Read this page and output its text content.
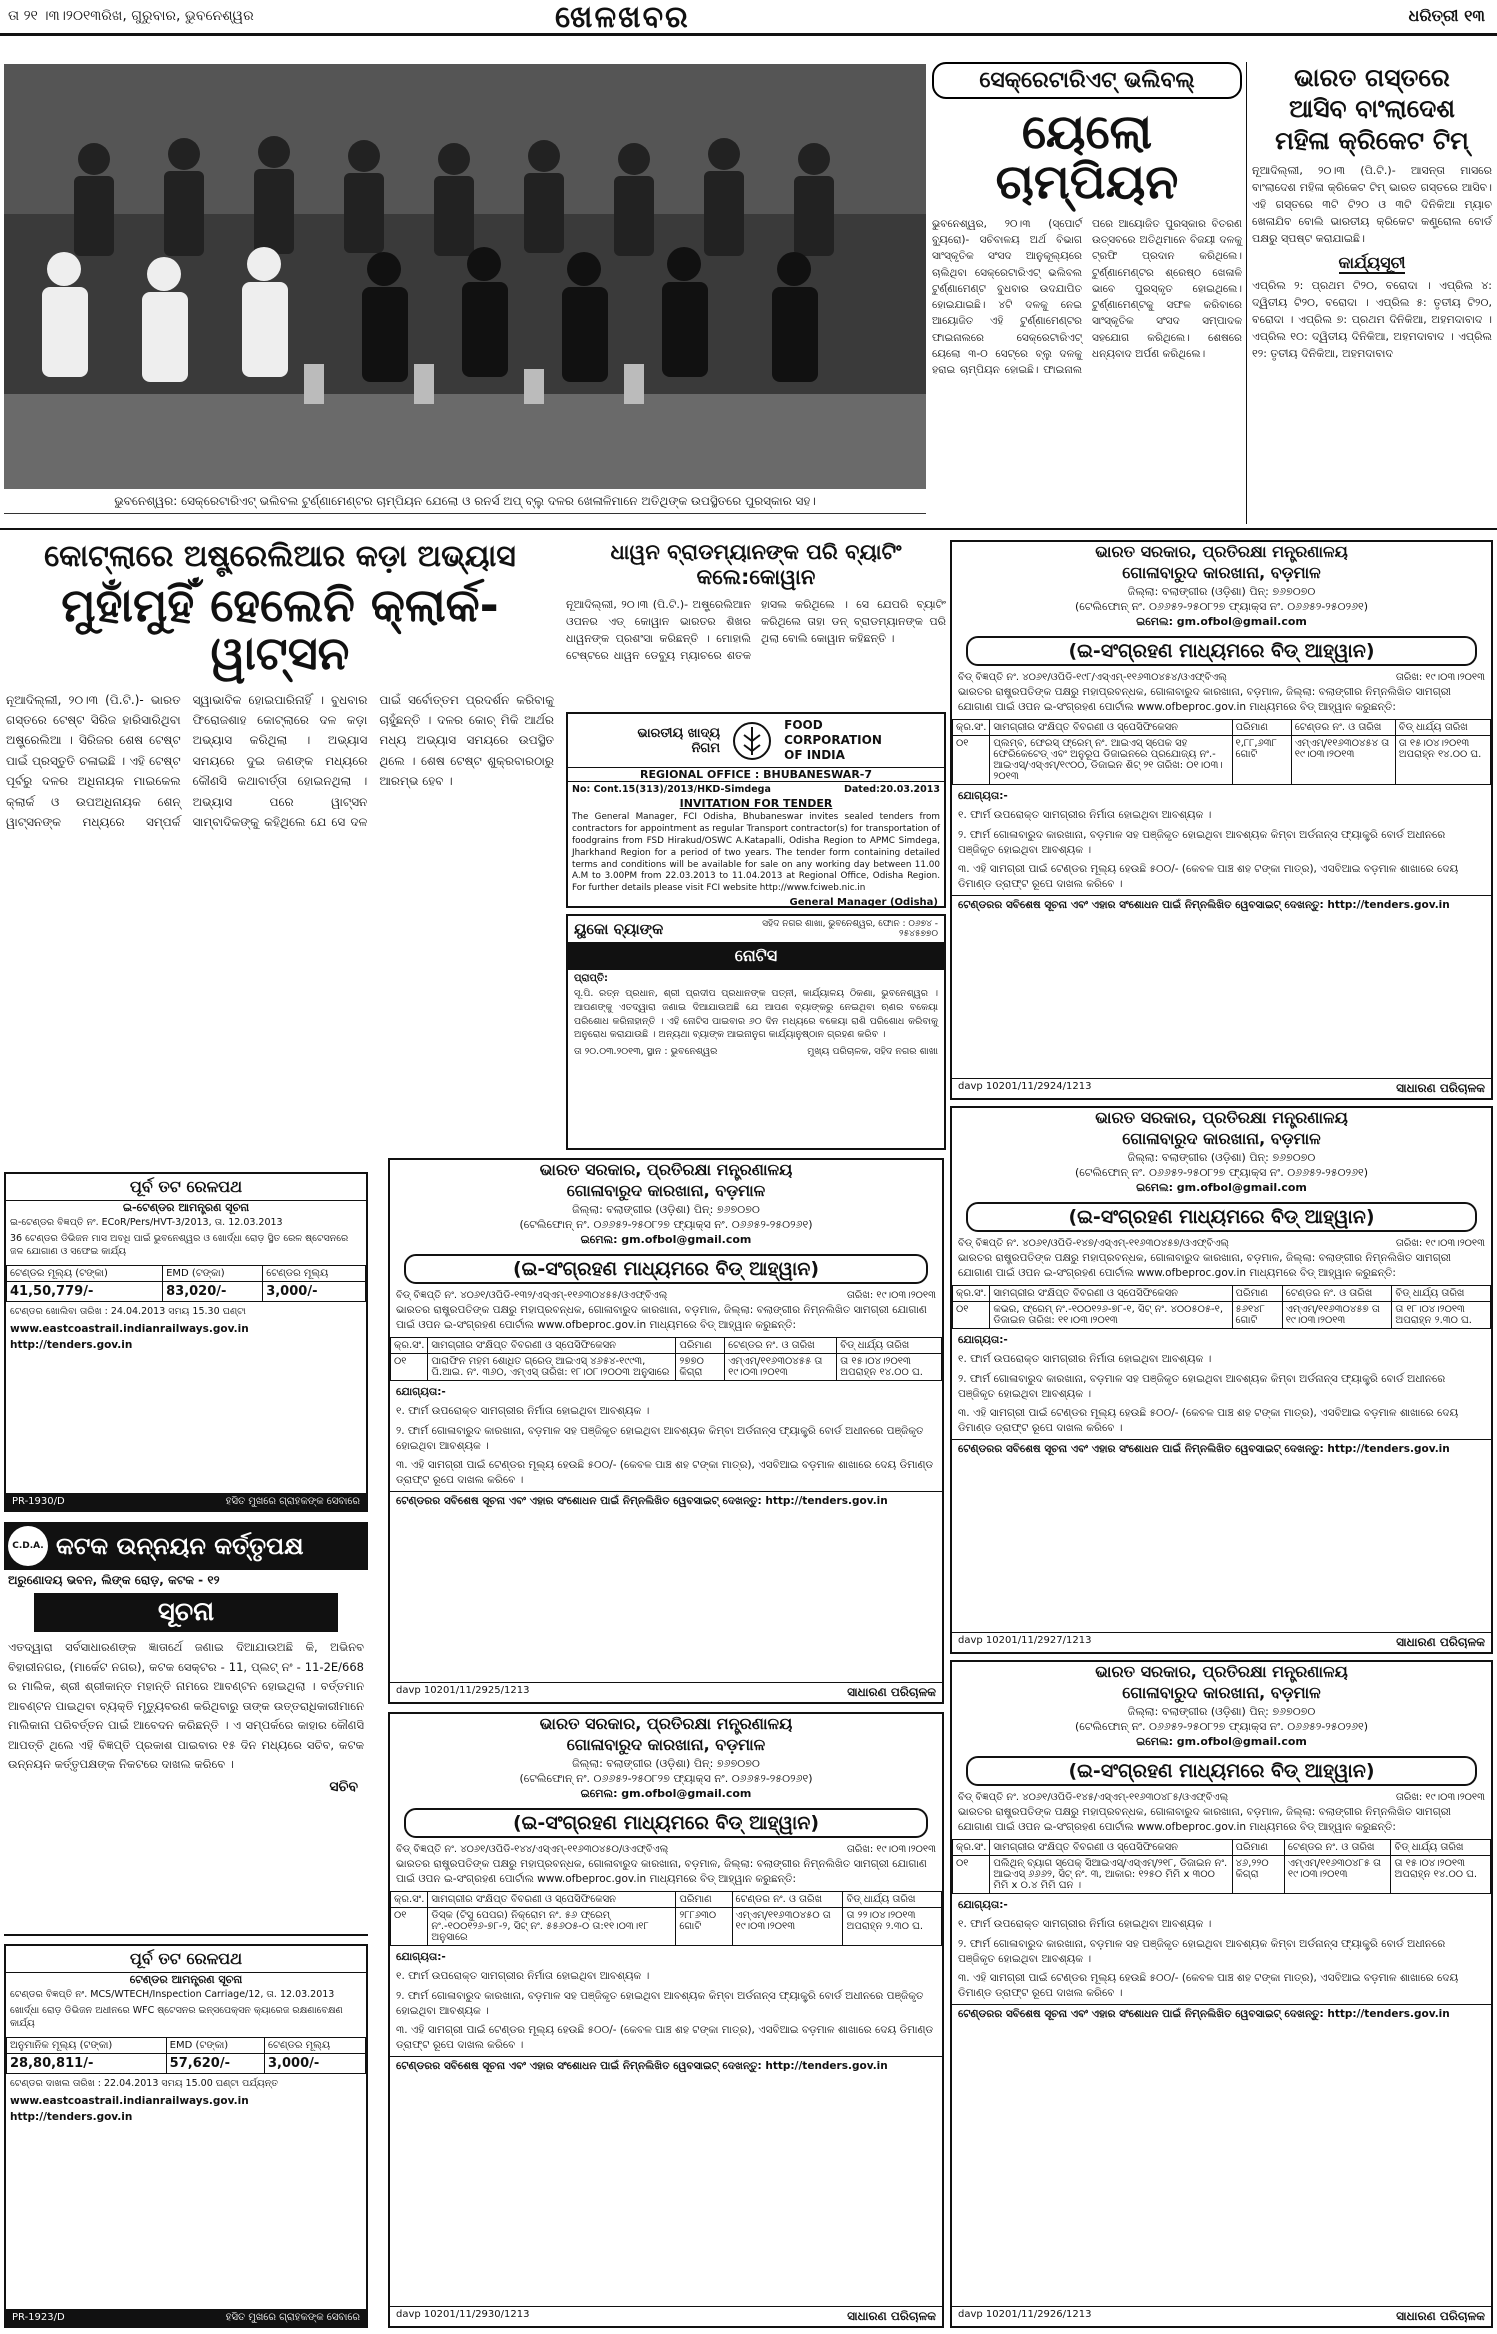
ତା ୨୧ ।୩।୨୦୧୩ରିଖ, ଗୁରୁବାର, ଭୁବନେଶ୍ୱର	ଖେଳଖବର	ଧରିତ୍ରୀ ୧୩
ଭୁବନେଶ୍ୱର: ସେକ୍ରେଟାରିଏଟ୍ ଭଲିବଲ ଟୁର୍ଣ୍ଣାମେଣ୍ଟର ଚାମ୍ପିୟନ ଯେଲୋ ଓ ରନର୍ସ ଅପ୍ ବ୍ଲୁ ଦଳର ଖେଳାଳିମାନେ ଅତିଥିଙ୍କ ଉପସ୍ଥିତରେ ପୁରସ୍କାର ସହ।
ସେକ୍ରେଟାରିଏଟ୍ ଭଲିବଲ୍
ୟେଲୋ ଚାମ୍ପିୟନ
ଭୁବନେଶ୍ୱର, ୨୦।୩ (ସ୍ପୋର୍ଟ ବ୍ୟୁରୋ)- ସଚିବାଳୟ ଅର୍ଥ ବିଭାଗ ସାଂସ୍କୃତିକ ସଂସଦ ଆନୁକୂଲ୍ୟରେ ଚାଲିଥିବା ସେକ୍ରେଟାରିଏଟ୍ ଭଲିବଲ ଟୁର୍ଣ୍ଣାମେଣ୍ଟ ବୁଧବାର ଉଦଯାପିତ ହୋଇଯାଇଛି। ୪ଟି ଦଳକୁ ନେଇ ଆୟୋଜିତ ଏହି ଟୁର୍ଣ୍ଣାମେଣ୍ଟର ଫାଇନାଲରେ ସେକ୍ରେଟାରିଏଟ୍ ୟେଲୋ ୩-୦ ସେଟ୍‌ରେ ବ୍ଲୁ ଦଳକୁ ହରାଇ ଚାମ୍ପିୟନ ହୋଇଛି। ଫାଇନାଲ ପରେ ଆୟୋଜିତ ପୁରସ୍କାର ବିତରଣ ଉତ୍ସବରେ ଅତିଥିମାନେ ବିଜୟୀ ଦଳକୁ ଟ୍ରଫି ପ୍ରଦାନ କରିଥିଲେ। ଟୁର୍ଣ୍ଣାମେଣ୍ଟର ଶ୍ରେଷ୍ଠ ଖେଳାଳି ଭାବେ ପୁରସ୍କୃତ ହୋଇଥିଲେ। ଟୁର୍ଣ୍ଣାମେଣ୍ଟକୁ ସଫଳ କରିବାରେ ସାଂସ୍କୃତିକ ସଂସଦ ସମ୍ପାଦକ ସହଯୋଗ କରିଥିଲେ। ଶେଷରେ ଧନ୍ୟବାଦ ଅର୍ପଣ କରିଥିଲେ।
ଭାରତ ଗସ୍ତରେ
ଆସିବ ବାଂଲାଦେଶ
ମହିଳା କ୍ରିକେଟ ଟିମ୍
ନୂଆଦିଲ୍ଲୀ, ୨୦।୩ (ପି.ଟି.)- ଆସନ୍ତା ମାସରେ ବାଂଲାଦେଶ ମହିଳା କ୍ରିକେଟ ଟିମ୍ ଭାରତ ଗସ୍ତରେ ଆସିବ। ଏହି ଗସ୍ତରେ ୩ଟି ଟି୨୦ ଓ ୩ଟି ଦିନିକିଆ ମ୍ୟାଚ ଖେଳାଯିବ ବୋଲି ଭାରତୀୟ କ୍ରିକେଟ କଣ୍ଟ୍ରୋଲ ବୋର୍ଡ ପକ୍ଷରୁ ସ୍ପଷ୍ଟ କରାଯାଇଛି।
କାର୍ଯ୍ୟସୂଚୀ
ଏପ୍ରିଲ ୨: ପ୍ରଥମ ଟି୨୦, ବରୋଦା । ଏପ୍ରିଲ ୪: ଦ୍ୱିତୀୟ ଟି୨୦, ବରୋଦା । ଏପ୍ରିଲ ୫: ତୃତୀୟ ଟି୨୦, ବରୋଦା । ଏପ୍ରିଲ ୭: ପ୍ରଥମ ଦିନିକିଆ, ଅହମଦାବାଦ । ଏପ୍ରିଲ ୧୦: ଦ୍ୱିତୀୟ ଦିନିକିଆ, ଅହମଦାବାଦ । ଏପ୍ରିଲ ୧୨: ତୃତୀୟ ଦିନିକିଆ, ଅହମଦାବାଦ
କୋଟ୍‌ଲାରେ ଅଷ୍ଟ୍ରେଲିଆର କଡ଼ା ଅଭ୍ୟାସ
ମୁହାଁମୁହିଁ ହେଲେନି କ୍ଲାର୍କ-ୱାଟ୍‌ସନ
ନୂଆଦିଲ୍ଲୀ, ୨୦।୩ (ପି.ଟି.)- ଭାରତ ଗସ୍ତରେ ଟେଷ୍ଟ ସିରିଜ ହାରିସାରିଥିବା ଅଷ୍ଟ୍ରେଲିଆ । ସିରିଜର ଶେଷ ଟେଷ୍ଟ ପାଇଁ ପ୍ରସ୍ତୁତି ଚଳାଇଛି । ଏହି ଟେଷ୍ଟ ପୂର୍ବରୁ ଦଳର ଅଧିନାୟକ ମାଇକେଲ କ୍ଲାର୍କ ଓ ଉପଅଧିନାୟକ ଶେନ୍ ୱାଟ୍‌ସନଙ୍କ ମଧ୍ୟରେ ସମ୍ପର୍କ ସ୍ୱାଭାବିକ ହୋଇପାରିନାହିଁ । ବୁଧବାର ଫିରୋଜଶାହ କୋଟ୍‌ଲାରେ ଦଳ କଡ଼ା ଅଭ୍ୟାସ କରିଥିଲା । ଅଭ୍ୟାସ ସମୟରେ ଦୁଇ ଜଣଙ୍କ ମଧ୍ୟରେ କୌଣସି କଥାବାର୍ତ୍ତା ହୋଇନଥିଲା । ଅଭ୍ୟାସ ପରେ ୱାଟ୍‌ସନ ସାମ୍ବାଦିକଙ୍କୁ କହିଥିଲେ ଯେ ସେ ଦଳ ପାଇଁ ସର୍ବୋତ୍ତମ ପ୍ରଦର୍ଶନ କରିବାକୁ ଚାହୁଁଛନ୍ତି । ଦଳର କୋଚ୍ ମିକି ଆର୍ଥର ମଧ୍ୟ ଅଭ୍ୟାସ ସମୟରେ ଉପସ୍ଥିତ ଥିଲେ । ଶେଷ ଟେଷ୍ଟ ଶୁକ୍ରବାରଠାରୁ ଆରମ୍ଭ ହେବ ।
ଧାୱନ ବ୍ରାଡମ୍ୟାନଙ୍କ ପରି ବ୍ୟାଟିଂ କଲେ:କୋୱାନ
ନୂଆଦିଲ୍ଲୀ, ୨୦।୩ (ପି.ଟି.)- ଅଷ୍ଟ୍ରେଲିଆନ ଓପନର ଏଡ୍ କୋୱାନ ଭାରତର ଶିଖର ଧାୱନଙ୍କ ପ୍ରଶଂସା କରିଛନ୍ତି । ମୋହାଲି ଟେଷ୍ଟରେ ଧାୱନ ଡେବ୍ୟୁ ମ୍ୟାଚରେ ଶତକ ହାସଲ କରିଥିଲେ । ସେ ଯେପରି ବ୍ୟାଟିଂ କରିଥିଲେ ତାହା ଡନ୍ ବ୍ରାଡମ୍ୟାନଙ୍କ ପରି ଥିଲା ବୋଲି କୋୱାନ କହିଛନ୍ତି ।
ଭାରତୀୟ ଖାଦ୍ୟ ନିଗମ
FOOD
CORPORATION
OF INDIA
REGIONAL OFFICE : BHUBANESWAR-7
No: Cont.15(313)/2013/HKD-Simdega	Dated:20.03.2013
INVITATION FOR TENDER
The General Manager, FCI Odisha, Bhubaneswar invites sealed tenders from contractors for appointment as regular Transport contractor(s) for transportation of foodgrains from FSD Hirakud/OSWC A.Katapalli, Odisha Region to APMC Simdega, Jharkhand Region for a period of two years. The tender form containing detailed terms and conditions will be available for sale on any working day between 11.00 A.M to 3.00PM from 22.03.2013 to 11.04.2013 at Regional Office, Odisha Region. For further details please visit FCI website http://www.fciweb.nic.in
General Manager (Odisha)
ୟୁକୋ ବ୍ୟାଙ୍କ	ସହିଦ ନଗର ଶାଖା, ଭୁବନେଶ୍ୱର, ଫୋନ : ୦୬୭୪ - ୨୫୪୫୭୭୦
ନୋଟିସ
ପ୍ରାପ୍ତି:
ସୂ.ପି. ରତ୍ନ ପ୍ରଧାନ, ଶ୍ରୀ ପ୍ରଦୀପ ପ୍ରଧାନଙ୍କ ପତ୍ନୀ, କାର୍ଯ୍ୟାଳୟ ଠିକଣା, ଭୁବନେଶ୍ୱର । ଆପଣଙ୍କୁ ଏତଦ୍ୱାରା ଜଣାଇ ଦିଆଯାଉଅଛି ଯେ ଆପଣ ବ୍ୟାଙ୍କରୁ ନେଇଥିବା ଋଣର ବକେୟା ପରିଶୋଧ କରିନାହାନ୍ତି । ଏହି ନୋଟିସ ପାଇବାର ୬୦ ଦିନ ମଧ୍ୟରେ ବକେୟା ରାଶି ପରିଶୋଧ କରିବାକୁ ଅନୁରୋଧ କରାଯାଉଛି । ଅନ୍ୟଥା ବ୍ୟାଙ୍କ ଆଇନାନୁଗ କାର୍ଯ୍ୟାନୁଷ୍ଠାନ ଗ୍ରହଣ କରିବ ।
ତା ୨୦.୦୩.୨୦୧୩, ସ୍ଥାନ : ଭୁବନେଶ୍ୱର	ମୁଖ୍ୟ ପରିଚାଳକ, ସହିଦ ନଗର ଶାଖା
ପୂର୍ବ ତଟ ରେଳପଥ
ଇ-ଟେଣ୍ଡର ଆମନ୍ତ୍ରଣ ସୂଚନା
ଇ-ଟେଣ୍ଡର ବିଜ୍ଞପ୍ତି ନଂ. ECoR/Pers/HVT-3/2013, ତା. 12.03.2013
36 ଟେଣ୍ଡର ଡିଭିଜନ ମାସ ଅବଧି ପାଇଁ ଭୁବନେଶ୍ୱର ଓ ଖୋର୍ଦ୍ଧା ରୋଡ଼ ସ୍ଥିତ ରେଳ ଷ୍ଟେସନରେ ଜଳ ଯୋଗାଣ ଓ ସଫେଇ କାର୍ଯ୍ୟ
ଟେଣ୍ଡର ମୂଲ୍ୟ (ଟଙ୍କା)	EMD (ଟଙ୍କା)	ଟେଣ୍ଡର ମୂଲ୍ୟ
41,50,779/-	83,020/-	3,000/-
ଟେଣ୍ଡର ଖୋଲିବା ତାରିଖ : 24.04.2013 ସମୟ 15.30 ଘଣ୍ଟା
www.eastcoastrail.indianrailways.gov.in
http://tenders.gov.in
PR-1930/D	ହସିତ ମୁଖରେ ଗ୍ରାହକଙ୍କ ସେବାରେ
C.D.A. କଟକ ଉନ୍ନୟନ କର୍ତ୍ତୃପକ୍ଷ
ଅରୁଣୋଦୟ ଭବନ, ଲିଙ୍କ ରୋଡ଼, କଟକ - ୧୨
ସୂଚନା
ଏତଦ୍ୱାରା ସର୍ବସାଧାରଣଙ୍କ ଜ୍ଞାତାର୍ଥେ ଜଣାଇ ଦିଆଯାଉଅଛି କି, ଅଭିନବ ବିହାରୀନଗର, (ମାର୍କେଟ ନଗର), କଟକ ସେକ୍ଟର - 11, ପ୍ଲଟ୍ ନଂ - 11-2E/668 ର ମାଲିକ, ଶ୍ରୀ ଶ୍ରୀକାନ୍ତ ମହାନ୍ତି ନାମରେ ଆବଣ୍ଟନ ହୋଇଥିଲା । ବର୍ତ୍ତମାନ ଆବଣ୍ଟନ ପାଇଥିବା ବ୍ୟକ୍ତି ମୃତ୍ୟୁବରଣ କରିଥିବାରୁ ତାଙ୍କ ଉତ୍ତରାଧିକାରୀମାନେ ମାଲିକାନା ପରିବର୍ତ୍ତନ ପାଇଁ ଆବେଦନ କରିଛନ୍ତି । ଏ ସମ୍ପର୍କରେ କାହାର କୌଣସି ଆପତ୍ତି ଥିଲେ ଏହି ବିଜ୍ଞପ୍ତି ପ୍ରକାଶ ପାଇବାର ୧୫ ଦିନ ମଧ୍ୟରେ ସଚିବ, କଟକ ଉନ୍ନୟନ କର୍ତ୍ତୃପକ୍ଷଙ୍କ ନିକଟରେ ଦାଖଲ କରିବେ ।
ସଚିବ
ପୂର୍ବ ତଟ ରେଳପଥ
ଟେଣ୍ଡର ଆମନ୍ତ୍ରଣ ସୂଚନା
ଟେଣ୍ଡର ବିଜ୍ଞପ୍ତି ନଂ. MCS/WTECH/Inspection Carriage/12, ତା. 12.03.2013
ଖୋର୍ଦ୍ଧା ରୋଡ଼ ଡିଭିଜନ ଅଧୀନରେ WFC ଷ୍ଟେସନର ଇନ୍‌ସପେକ୍ସନ କ୍ୟାରେଜ ରକ୍ଷଣାବେକ୍ଷଣ କାର୍ଯ୍ୟ
ଅନୁମାନିକ ମୂଲ୍ୟ (ଟଙ୍କା)	EMD (ଟଙ୍କା)	ଟେଣ୍ଡର ମୂଲ୍ୟ
28,80,811/-	57,620/-	3,000/-
ଟେଣ୍ଡର ଦାଖଲ ତାରିଖ : 22.04.2013 ସମୟ 15.00 ଘଣ୍ଟା ପର୍ଯ୍ୟନ୍ତ
www.eastcoastrail.indianrailways.gov.in
http://tenders.gov.in
PR-1923/D	ହସିତ ମୁଖରେ ଗ୍ରାହକଙ୍କ ସେବାରେ
ଭାରତ ସରକାର, ପ୍ରତିରକ୍ଷା ମନ୍ତ୍ରଣାଳୟ
ଗୋଳାବାରୁଦ କାରଖାନା, ବଡ଼ମାଳ
ଜିଲ୍ଲା: ବଲାଙ୍ଗୀର (ଓଡ଼ିଶା) ପିନ୍: ୭୬୭୦୭୦
(ଟେଲିଫୋନ୍ ନଂ. ୦୬୬୫୨-୨୫୦୮୨୭ ଫ୍ୟାକ୍ସ ନଂ. ୦୬୬୫୨-୨୫୦୨୬୧)
ଇମେଲ: gm.ofbol@gmail.com
(ଇ-ସଂଗ୍ରହଣ ମାଧ୍ୟମରେ ବିଡ୍ ଆହ୍ୱାନ)
ବିଡ୍ ବିଜ୍ଞପ୍ତି ନଂ. ୪୦୬୧/ଓପିଡି-୧୯୮/ଏସ୍‌ଏମ୍-୧୧୬୩୦୪୫୪/ଓଏଫ୍‌ବିଏଲ୍	ତାରିଖ: ୧୯।୦୩।୨୦୧୩
ଭାରତର ରାଷ୍ଟ୍ରପତିଙ୍କ ପକ୍ଷରୁ ମହାପ୍ରବନ୍ଧକ, ଗୋଳାବାରୁଦ କାରଖାନା, ବଡ଼ମାଳ, ଜିଲ୍ଲା: ବଲାଙ୍ଗୀର ନିମ୍ନଲିଖିତ ସାମଗ୍ରୀ ଯୋଗାଣ ପାଇଁ ଓପନ ଇ-ସଂଗ୍ରହଣ ପୋର୍ଟାଲ www.ofbeproc.gov.in ମାଧ୍ୟମରେ ବିଡ୍ ଆହ୍ୱାନ କରୁଛନ୍ତି:
କ୍ର.ସଂ.	ସାମଗ୍ରୀର ସଂକ୍ଷିପ୍ତ ବିବରଣୀ ଓ ସ୍ପେସିଫିକେସନ	ପରିମାଣ	ଟେଣ୍ଡର ନଂ. ଓ ତାରିଖ	ବିଡ୍ ଧାର୍ଯ୍ୟ ତାରିଖ
୦୧	ପ୍ଲମ୍ବ, ଫେରସ୍ ଫ୍ରେମ୍ ନଂ. ଆଇଏସ୍ ସ୍ପେକ ସହ ଫେରିକେଟେଡ୍ ଏବଂ ଅନୁରୂପ ଡିଜାଇନରେ ପ୍ରଯୋଜ୍ୟ ନଂ.-ଆଇଏସ୍/ଏସ୍‌ଏମ୍/୧୯୦୦, ଡିଜାଇନ ଶିଟ୍ ୨୧ ତାରିଖ: ୦୧।୦୩।୨୦୧୩	୧,୮୮,୬୩୮ ଗୋଟି	ଏମ୍‌ଏମ୍/୧୧୬୩୦୪୫୪ ତା ୧୯।୦୩।୨୦୧୩	ତା ୧୫।୦୪।୨୦୧୩ ଅପରାହ୍ନ ୧୪.୦୦ ଘ.
ଯୋଗ୍ୟତା:-
୧. ଫାର୍ମ ଉପରୋକ୍ତ ସାମଗ୍ରୀର ନିର୍ମାତା ହୋଇଥିବା ଆବଶ୍ୟକ ।
୨. ଫାର୍ମ ଗୋଳାବାରୁଦ କାରଖାନା, ବଡ଼ମାଳ ସହ ପଞ୍ଜିକୃତ ହୋଇଥିବା ଆବଶ୍ୟକ କିମ୍ବା ଅର୍ଡନାନ୍ସ ଫ୍ୟାକ୍ଟ୍ରି ବୋର୍ଡ ଅଧୀନରେ ପଞ୍ଜିକୃତ ହୋଇଥିବା ଆବଶ୍ୟକ ।
୩. ଏହି ସାମଗ୍ରୀ ପାଇଁ ଟେଣ୍ଡର ମୂଲ୍ୟ ହେଉଛି ୫୦୦/- (କେବଳ ପାଞ୍ଚ ଶହ ଟଙ୍କା ମାତ୍ର), ଏସବିଆଇ ବଡ଼ମାଳ ଶାଖାରେ ଦେୟ ଡିମାଣ୍ଡ ଡ୍ରାଫ୍ଟ ରୂପେ ଦାଖଲ କରିବେ ।
ଟେଣ୍ଡରର ସବିଶେଷ ସୂଚନା ଏବଂ ଏହାର ସଂଶୋଧନ ପାଇଁ ନିମ୍ନଲିଖିତ ୱେବସାଇଟ୍ ଦେଖନ୍ତୁ: http://tenders.gov.in
davp 10201/11/2924/1213	ସାଧାରଣ ପରିଚାଳକ
ଭାରତ ସରକାର, ପ୍ରତିରକ୍ଷା ମନ୍ତ୍ରଣାଳୟ
ଗୋଳାବାରୁଦ କାରଖାନା, ବଡ଼ମାଳ
ଜିଲ୍ଲା: ବଲାଙ୍ଗୀର (ଓଡ଼ିଶା) ପିନ୍: ୭୬୭୦୭୦
(ଟେଲିଫୋନ୍ ନଂ. ୦୬୬୫୨-୨୫୦୮୨୭ ଫ୍ୟାକ୍ସ ନଂ. ୦୬୬୫୨-୨୫୦୨୬୧)
ଇମେଲ: gm.ofbol@gmail.com
(ଇ-ସଂଗ୍ରହଣ ମାଧ୍ୟମରେ ବିଡ୍ ଆହ୍ୱାନ)
ବିଡ୍ ବିଜ୍ଞପ୍ତି ନଂ. ୪୦୬୧/ଓପିଡି-୧୪୭/ଏସ୍‌ଏମ୍-୧୧୬୩୦୪୫୭/ଓଏଫ୍‌ବିଏଲ୍	ତାରିଖ: ୧୯।୦୩।୨୦୧୩
ଭାରତର ରାଷ୍ଟ୍ରପତିଙ୍କ ପକ୍ଷରୁ ମହାପ୍ରବନ୍ଧକ, ଗୋଳାବାରୁଦ କାରଖାନା, ବଡ଼ମାଳ, ଜିଲ୍ଲା: ବଲାଙ୍ଗୀର ନିମ୍ନଲିଖିତ ସାମଗ୍ରୀ ଯୋଗାଣ ପାଇଁ ଓପନ ଇ-ସଂଗ୍ରହଣ ପୋର୍ଟାଲ www.ofbeproc.gov.in ମାଧ୍ୟମରେ ବିଡ୍ ଆହ୍ୱାନ କରୁଛନ୍ତି:
କ୍ର.ସଂ.	ସାମଗ୍ରୀର ସଂକ୍ଷିପ୍ତ ବିବରଣୀ ଓ ସ୍ପେସିଫିକେସନ	ପରିମାଣ	ଟେଣ୍ଡର ନଂ. ଓ ତାରିଖ	ବିଡ୍ ଧାର୍ଯ୍ୟ ତାରିଖ
୦୧	କଭର, ଫ୍ରେମ୍ ନଂ.-୧୦୦୧୨୬-୭୮-୧, ସିଟ୍ ନଂ. ୪୦୦୫୦୫-୧, ଡିଜାଇନ ତାରିଖ: ୧୧।୦୩।୨୦୧୩	୫୬୧୪୮ ଗୋଟି	ଏମ୍‌ଏମ୍/୧୧୬୩୦୪୫୭ ତା ୧୯।୦୩।୨୦୧୩	ତା ୧୮।୦୪।୨୦୧୩ ଅପରାହ୍ନ ୨.୩୦ ଘ.
ଯୋଗ୍ୟତା:-
୧. ଫାର୍ମ ଉପରୋକ୍ତ ସାମଗ୍ରୀର ନିର୍ମାତା ହୋଇଥିବା ଆବଶ୍ୟକ ।
୨. ଫାର୍ମ ଗୋଳାବାରୁଦ କାରଖାନା, ବଡ଼ମାଳ ସହ ପଞ୍ଜିକୃତ ହୋଇଥିବା ଆବଶ୍ୟକ କିମ୍ବା ଅର୍ଡନାନ୍ସ ଫ୍ୟାକ୍ଟ୍ରି ବୋର୍ଡ ଅଧୀନରେ ପଞ୍ଜିକୃତ ହୋଇଥିବା ଆବଶ୍ୟକ ।
୩. ଏହି ସାମଗ୍ରୀ ପାଇଁ ଟେଣ୍ଡର ମୂଲ୍ୟ ହେଉଛି ୫୦୦/- (କେବଳ ପାଞ୍ଚ ଶହ ଟଙ୍କା ମାତ୍ର), ଏସବିଆଇ ବଡ଼ମାଳ ଶାଖାରେ ଦେୟ ଡିମାଣ୍ଡ ଡ୍ରାଫ୍ଟ ରୂପେ ଦାଖଲ କରିବେ ।
ଟେଣ୍ଡରର ସବିଶେଷ ସୂଚନା ଏବଂ ଏହାର ସଂଶୋଧନ ପାଇଁ ନିମ୍ନଲିଖିତ ୱେବସାଇଟ୍ ଦେଖନ୍ତୁ: http://tenders.gov.in
davp 10201/11/2927/1213	ସାଧାରଣ ପରିଚାଳକ
ଭାରତ ସରକାର, ପ୍ରତିରକ୍ଷା ମନ୍ତ୍ରଣାଳୟ
ଗୋଳାବାରୁଦ କାରଖାନା, ବଡ଼ମାଳ
ଜିଲ୍ଲା: ବଲାଙ୍ଗୀର (ଓଡ଼ିଶା) ପିନ୍: ୭୬୭୦୭୦
(ଟେଲିଫୋନ୍ ନଂ. ୦୬୬୫୨-୨୫୦୮୨୭ ଫ୍ୟାକ୍ସ ନଂ. ୦୬୬୫୨-୨୫୦୨୬୧)
ଇମେଲ: gm.ofbol@gmail.com
(ଇ-ସଂଗ୍ରହଣ ମାଧ୍ୟମରେ ବିଡ୍ ଆହ୍ୱାନ)
ବିଡ୍ ବିଜ୍ଞପ୍ତି ନଂ. ୪୦୬୧/ଓପିଡି-୧୩୨/ଏସ୍‌ଏମ୍-୧୧୬୩୦୪୫୫/ଓଏଫ୍‌ବିଏଲ୍	ତାରିଖ: ୧୯।୦୩।୨୦୧୩
ଭାରତର ରାଷ୍ଟ୍ରପତିଙ୍କ ପକ୍ଷରୁ ମହାପ୍ରବନ୍ଧକ, ଗୋଳାବାରୁଦ କାରଖାନା, ବଡ଼ମାଳ, ଜିଲ୍ଲା: ବଲାଙ୍ଗୀର ନିମ୍ନଲିଖିତ ସାମଗ୍ରୀ ଯୋଗାଣ ପାଇଁ ଓପନ ଇ-ସଂଗ୍ରହଣ ପୋର୍ଟାଲ www.ofbeproc.gov.in ମାଧ୍ୟମରେ ବିଡ୍ ଆହ୍ୱାନ କରୁଛନ୍ତି:
କ୍ର.ସଂ.	ସାମଗ୍ରୀର ସଂକ୍ଷିପ୍ତ ବିବରଣୀ ଓ ସ୍ପେସିଫିକେସନ	ପରିମାଣ	ଟେଣ୍ଡର ନଂ. ଓ ତାରିଖ	ବିଡ୍ ଧାର୍ଯ୍ୟ ତାରିଖ
୦୧	ପାରାଫିନ ମହମ ଶୋଧିତ ଗ୍ରେଡ୍ ଆଇଏସ୍ ୪୬୫୪-୧୯୯୩, ପି.ଆଇ. ନଂ. ୩୬୦, ଏମ୍‌ଏସ୍ ତାରିଖ: ୧୮।୦୮।୨୦୦୩ ଅନୁସାରେ	୨୭୭୦ କିଗ୍ରା	ଏମ୍‌ଏମ୍/୧୧୬୩୦୪୫୫ ତା ୧୯।୦୩।୨୦୧୩	ତା ୧୫।୦୪।୨୦୧୩ ଅପରାହ୍ନ ୧୪.୦୦ ଘ.
ଯୋଗ୍ୟତା:-
୧. ଫାର୍ମ ଉପରୋକ୍ତ ସାମଗ୍ରୀର ନିର୍ମାତା ହୋଇଥିବା ଆବଶ୍ୟକ ।
୨. ଫାର୍ମ ଗୋଳାବାରୁଦ କାରଖାନା, ବଡ଼ମାଳ ସହ ପଞ୍ଜିକୃତ ହୋଇଥିବା ଆବଶ୍ୟକ କିମ୍ବା ଅର୍ଡନାନ୍ସ ଫ୍ୟାକ୍ଟ୍ରି ବୋର୍ଡ ଅଧୀନରେ ପଞ୍ଜିକୃତ ହୋଇଥିବା ଆବଶ୍ୟକ ।
୩. ଏହି ସାମଗ୍ରୀ ପାଇଁ ଟେଣ୍ଡର ମୂଲ୍ୟ ହେଉଛି ୫୦୦/- (କେବଳ ପାଞ୍ଚ ଶହ ଟଙ୍କା ମାତ୍ର), ଏସବିଆଇ ବଡ଼ମାଳ ଶାଖାରେ ଦେୟ ଡିମାଣ୍ଡ ଡ୍ରାଫ୍ଟ ରୂପେ ଦାଖଲ କରିବେ ।
ଟେଣ୍ଡରର ସବିଶେଷ ସୂଚନା ଏବଂ ଏହାର ସଂଶୋଧନ ପାଇଁ ନିମ୍ନଲିଖିତ ୱେବସାଇଟ୍ ଦେଖନ୍ତୁ: http://tenders.gov.in
davp 10201/11/2925/1213	ସାଧାରଣ ପରିଚାଳକ
ଭାରତ ସରକାର, ପ୍ରତିରକ୍ଷା ମନ୍ତ୍ରଣାଳୟ
ଗୋଳାବାରୁଦ କାରଖାନା, ବଡ଼ମାଳ
ଜିଲ୍ଲା: ବଲାଙ୍ଗୀର (ଓଡ଼ିଶା) ପିନ୍: ୭୬୭୦୭୦
(ଟେଲିଫୋନ୍ ନଂ. ୦୬୬୫୨-୨୫୦୮୨୭ ଫ୍ୟାକ୍ସ ନଂ. ୦୬୬୫୨-୨୫୦୨୬୧)
ଇମେଲ: gm.ofbol@gmail.com
(ଇ-ସଂଗ୍ରହଣ ମାଧ୍ୟମରେ ବିଡ୍ ଆହ୍ୱାନ)
ବିଡ୍ ବିଜ୍ଞପ୍ତି ନଂ. ୪୦୬୧/ଓପିଡି-୧୪୪/ଏସ୍‌ଏମ୍-୧୧୬୩୦୪୫୦/ଓଏଫ୍‌ବିଏଲ୍	ତାରିଖ: ୧୯।୦୩।୨୦୧୩
ଭାରତର ରାଷ୍ଟ୍ରପତିଙ୍କ ପକ୍ଷରୁ ମହାପ୍ରବନ୍ଧକ, ଗୋଳାବାରୁଦ କାରଖାନା, ବଡ଼ମାଳ, ଜିଲ୍ଲା: ବଲାଙ୍ଗୀର ନିମ୍ନଲିଖିତ ସାମଗ୍ରୀ ଯୋଗାଣ ପାଇଁ ଓପନ ଇ-ସଂଗ୍ରହଣ ପୋର୍ଟାଲ www.ofbeproc.gov.in ମାଧ୍ୟମରେ ବିଡ୍ ଆହ୍ୱାନ କରୁଛନ୍ତି:
କ୍ର.ସଂ.	ସାମଗ୍ରୀର ସଂକ୍ଷିପ୍ତ ବିବରଣୀ ଓ ସ୍ପେସିଫିକେସନ	ପରିମାଣ	ଟେଣ୍ଡର ନଂ. ଓ ତାରିଖ	ବିଡ୍ ଧାର୍ଯ୍ୟ ତାରିଖ
୦୧	ଡିସ୍କ (ଟିସୁ ପେପର) ନିକ୍ରୋମ ନଂ. ୫୬ ଫ୍ରେମ୍ ନଂ.-୧୦୦୧୨୬-୭୮-୨, ସିଟ୍ ନଂ. ୫୫୬୦୫-୦ ତା:୧୧।୦୩।୧୮ ଅନୁସାରେ	୨୮୮୬୩୦ ଗୋଟି	ଏମ୍‌ଏମ୍/୧୧୬୩୦୪୫୦ ତା ୧୯।୦୩।୨୦୧୩	ତା ୨୨।୦୪।୨୦୧୩ ଅପରାହ୍ନ ୨.୩୦ ଘ.
ଯୋଗ୍ୟତା:-
୧. ଫାର୍ମ ଉପରୋକ୍ତ ସାମଗ୍ରୀର ନିର୍ମାତା ହୋଇଥିବା ଆବଶ୍ୟକ ।
୨. ଫାର୍ମ ଗୋଳାବାରୁଦ କାରଖାନା, ବଡ଼ମାଳ ସହ ପଞ୍ଜିକୃତ ହୋଇଥିବା ଆବଶ୍ୟକ କିମ୍ବା ଅର୍ଡନାନ୍ସ ଫ୍ୟାକ୍ଟ୍ରି ବୋର୍ଡ ଅଧୀନରେ ପଞ୍ଜିକୃତ ହୋଇଥିବା ଆବଶ୍ୟକ ।
୩. ଏହି ସାମଗ୍ରୀ ପାଇଁ ଟେଣ୍ଡର ମୂଲ୍ୟ ହେଉଛି ୫୦୦/- (କେବଳ ପାଞ୍ଚ ଶହ ଟଙ୍କା ମାତ୍ର), ଏସବିଆଇ ବଡ଼ମାଳ ଶାଖାରେ ଦେୟ ଡିମାଣ୍ଡ ଡ୍ରାଫ୍ଟ ରୂପେ ଦାଖଲ କରିବେ ।
ଟେଣ୍ଡରର ସବିଶେଷ ସୂଚନା ଏବଂ ଏହାର ସଂଶୋଧନ ପାଇଁ ନିମ୍ନଲିଖିତ ୱେବସାଇଟ୍ ଦେଖନ୍ତୁ: http://tenders.gov.in
davp 10201/11/2930/1213	ସାଧାରଣ ପରିଚାଳକ
ଭାରତ ସରକାର, ପ୍ରତିରକ୍ଷା ମନ୍ତ୍ରଣାଳୟ
ଗୋଳାବାରୁଦ କାରଖାନା, ବଡ଼ମାଳ
ଜିଲ୍ଲା: ବଲାଙ୍ଗୀର (ଓଡ଼ିଶା) ପିନ୍: ୭୬୭୦୭୦
(ଟେଲିଫୋନ୍ ନଂ. ୦୬୬୫୨-୨୫୦୮୨୭ ଫ୍ୟାକ୍ସ ନଂ. ୦୬୬୫୨-୨୫୦୨୬୧)
ଇମେଲ: gm.ofbol@gmail.com
(ଇ-ସଂଗ୍ରହଣ ମାଧ୍ୟମରେ ବିଡ୍ ଆହ୍ୱାନ)
ବିଡ୍ ବିଜ୍ଞପ୍ତି ନଂ. ୪୦୬୧/ଓପିଡି-୧୪୫/ଏସ୍‌ଏମ୍-୧୧୬୩୦୪୮୫/ଓଏଫ୍‌ବିଏଲ୍	ତାରିଖ: ୧୯।୦୩।୨୦୧୩
ଭାରତର ରାଷ୍ଟ୍ରପତିଙ୍କ ପକ୍ଷରୁ ମହାପ୍ରବନ୍ଧକ, ଗୋଳାବାରୁଦ କାରଖାନା, ବଡ଼ମାଳ, ଜିଲ୍ଲା: ବଲାଙ୍ଗୀର ନିମ୍ନଲିଖିତ ସାମଗ୍ରୀ ଯୋଗାଣ ପାଇଁ ଓପନ ଇ-ସଂଗ୍ରହଣ ପୋର୍ଟାଲ www.ofbeproc.gov.in ମାଧ୍ୟମରେ ବିଡ୍ ଆହ୍ୱାନ କରୁଛନ୍ତି:
କ୍ର.ସଂ.	ସାମଗ୍ରୀର ସଂକ୍ଷିପ୍ତ ବିବରଣୀ ଓ ସ୍ପେସିଫିକେସନ	ପରିମାଣ	ଟେଣ୍ଡର ନଂ. ଓ ତାରିଖ	ବିଡ୍ ଧାର୍ଯ୍ୟ ତାରିଖ
୦୧	ପଲିଥିନ୍ ବ୍ୟାଗ ସ୍ପେକ୍ ସିଆଇଏସ୍/ଏସ୍‌ଏମ୍/୨୧୮, ଡିଜାଇନ ନଂ. ଆଇଏସ୍ ୬୬୬୨, ସିଟ୍ ନଂ. ୩, ଆକାର: ୧୨୫୦ ମିମି x ୩୦୦ ମିମି x ୦.୪ ମିମି ଘନ ।	୪୬,୨୨୦ କିଗ୍ରା	ଏମ୍‌ଏମ୍/୧୧୬୩୦୪୮୫ ତା ୧୯।୦୩।୨୦୧୩	ତା ୧୫।୦୪।୨୦୧୩ ଅପରାହ୍ନ ୧୪.୦୦ ଘ.
ଯୋଗ୍ୟତା:-
୧. ଫାର୍ମ ଉପରୋକ୍ତ ସାମଗ୍ରୀର ନିର୍ମାତା ହୋଇଥିବା ଆବଶ୍ୟକ ।
୨. ଫାର୍ମ ଗୋଳାବାରୁଦ କାରଖାନା, ବଡ଼ମାଳ ସହ ପଞ୍ଜିକୃତ ହୋଇଥିବା ଆବଶ୍ୟକ କିମ୍ବା ଅର୍ଡନାନ୍ସ ଫ୍ୟାକ୍ଟ୍ରି ବୋର୍ଡ ଅଧୀନରେ ପଞ୍ଜିକୃତ ହୋଇଥିବା ଆବଶ୍ୟକ ।
୩. ଏହି ସାମଗ୍ରୀ ପାଇଁ ଟେଣ୍ଡର ମୂଲ୍ୟ ହେଉଛି ୫୦୦/- (କେବଳ ପାଞ୍ଚ ଶହ ଟଙ୍କା ମାତ୍ର), ଏସବିଆଇ ବଡ଼ମାଳ ଶାଖାରେ ଦେୟ ଡିମାଣ୍ଡ ଡ୍ରାଫ୍ଟ ରୂପେ ଦାଖଲ କରିବେ ।
ଟେଣ୍ଡରର ସବିଶେଷ ସୂଚନା ଏବଂ ଏହାର ସଂଶୋଧନ ପାଇଁ ନିମ୍ନଲିଖିତ ୱେବସାଇଟ୍ ଦେଖନ୍ତୁ: http://tenders.gov.in
davp 10201/11/2926/1213	ସାଧାରଣ ପରିଚାଳକ
